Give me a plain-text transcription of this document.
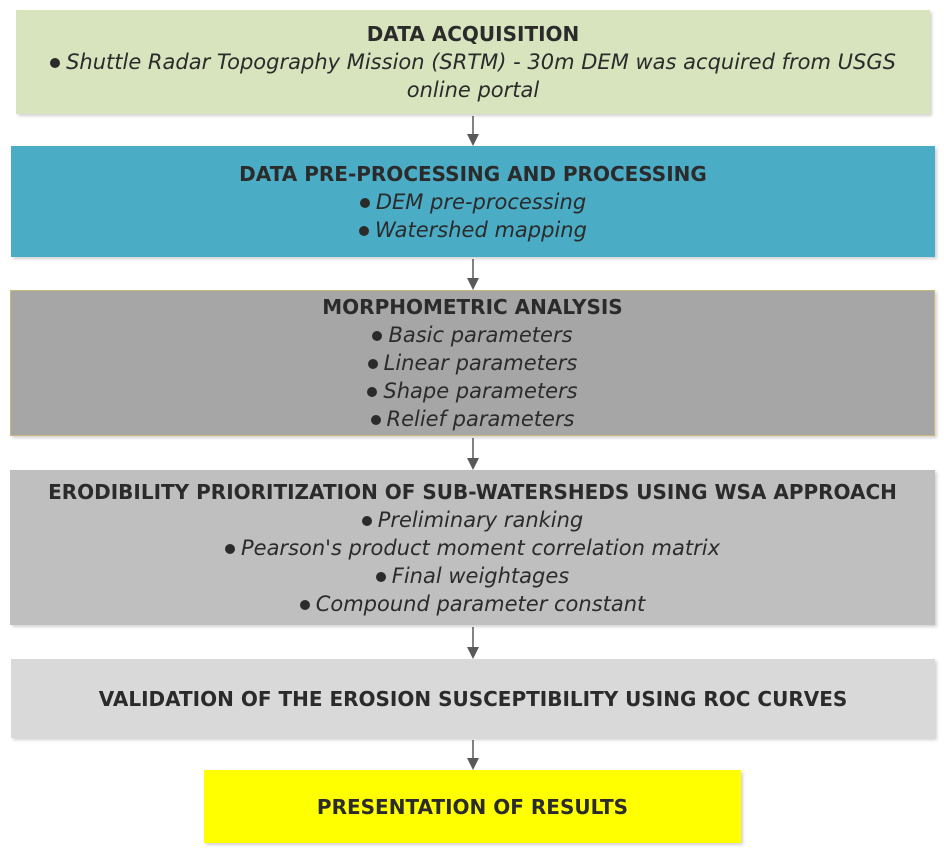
DATA ACQUISITION
Shuttle Radar Topography Mission (SRTM) - 30m DEM was acquired from USGS online portal
DATA PRE-PROCESSING AND PROCESSING
DEM pre-processing
Watershed mapping
MORPHOMETRIC ANALYSIS
Basic parameters
Linear parameters
Shape parameters
Relief parameters
ERODIBILITY PRIORITIZATION OF SUB-WATERSHEDS USING WSA APPROACH
Preliminary ranking
Pearson's product moment correlation matrix
Final weightages
Compound parameter constant
VALIDATION OF THE EROSION SUSCEPTIBILITY USING ROC CURVES
PRESENTATION OF RESULTS
